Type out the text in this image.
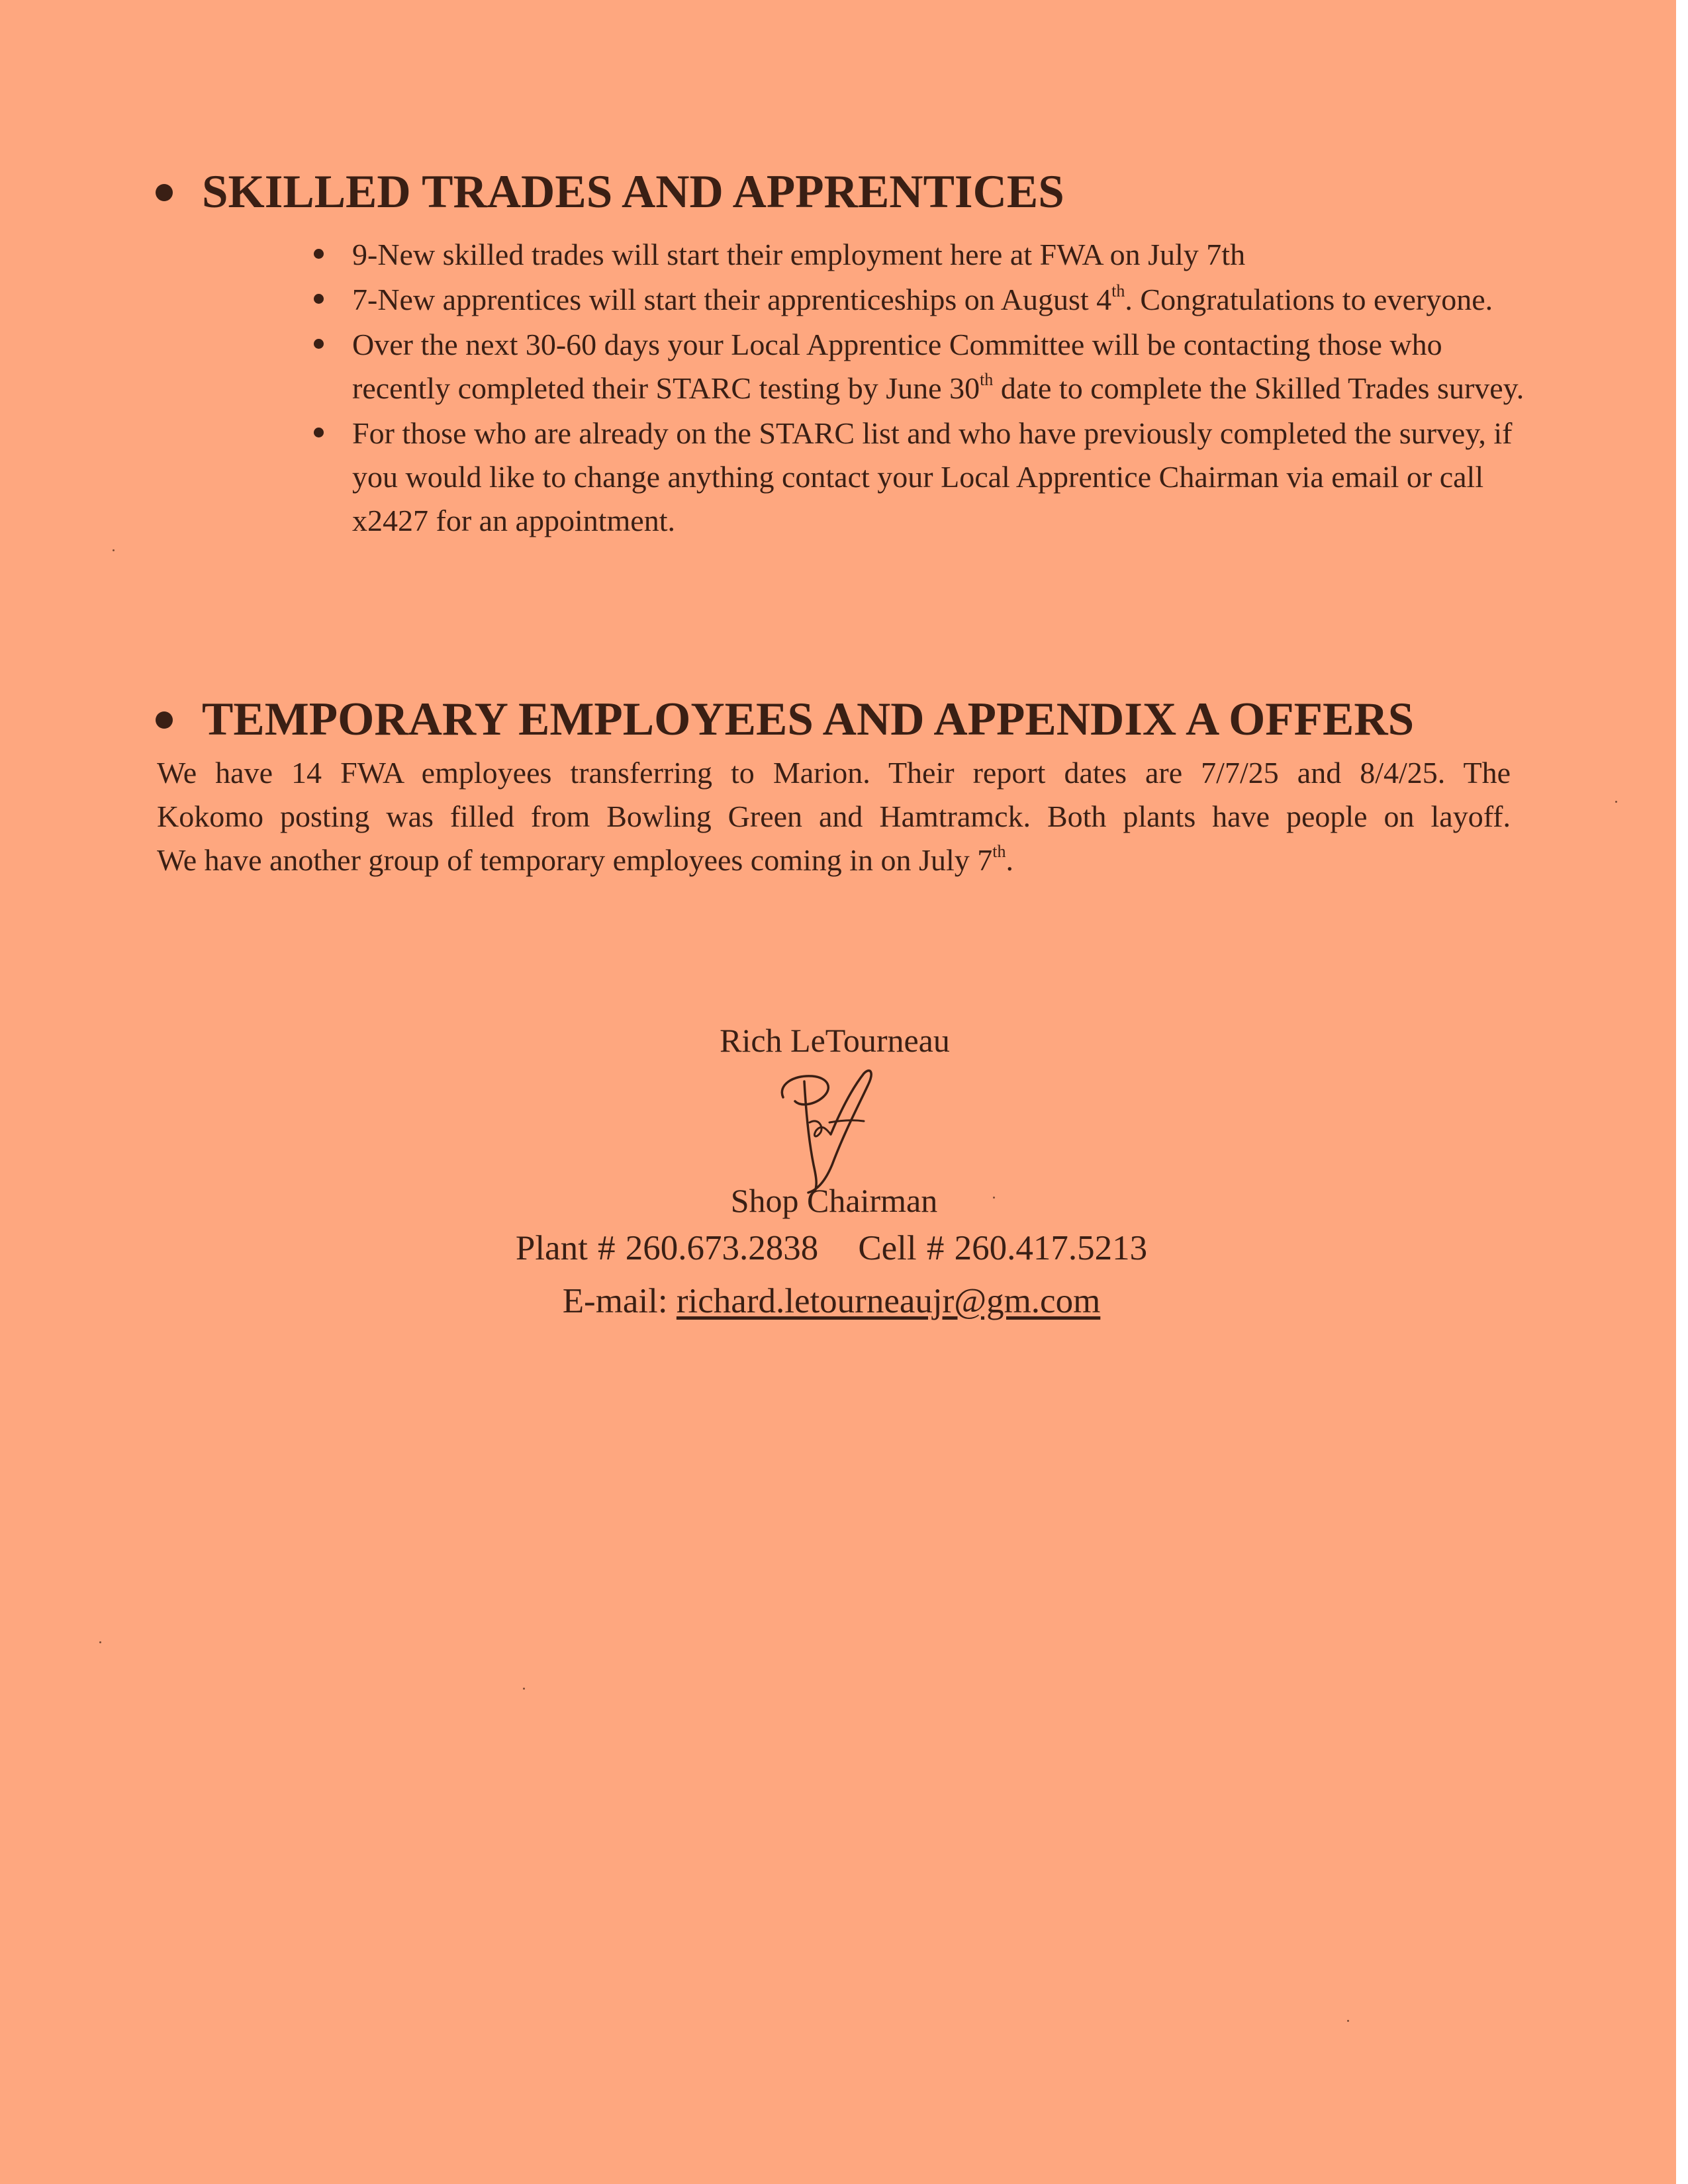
SKILLED TRADES AND APPRENTICES
9-New skilled trades will start their employment here at FWA on July 7th
7-New apprentices will start their apprenticeships on August 4th. Congratulations to everyone.
Over the next 30-60 days your Local Apprentice Committee will be contacting those who recently completed their STARC testing by June 30th date to complete the Skilled Trades survey.
For those who are already on the STARC list and who have previously completed the survey, if you would like to change anything contact your Local Apprentice Chairman via email or call x2427 for an appointment.
TEMPORARY EMPLOYEES AND APPENDIX A OFFERS
We have 14 FWA employees transferring to Marion. Their report dates are 7/7/25 and 8/4/25. The
Kokomo posting was filled from Bowling Green and Hamtramck. Both plants have people on layoff.
We have another group of temporary employees coming in on July 7th.
Rich LeTourneau
Shop Chairman
Plant # 260.673.2838 Cell # 260.417.5213
E-mail: richard.letourneaujr@gm.com
